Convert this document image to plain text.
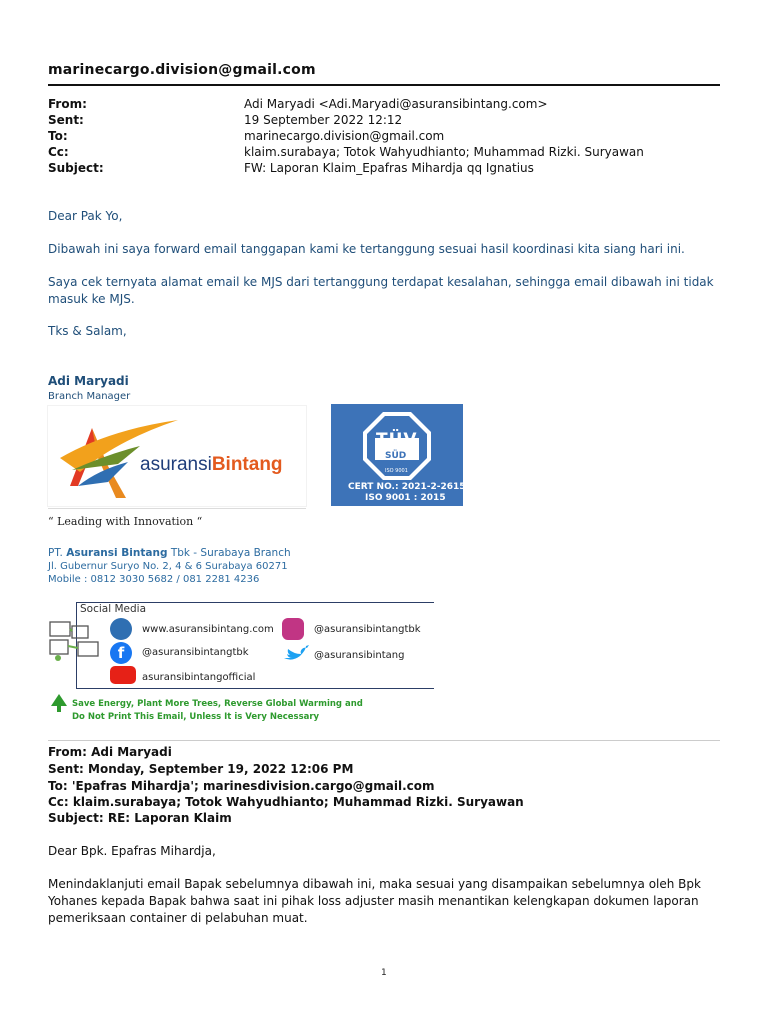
marinecargo.division@gmail.com
From:	Adi Maryadi <Adi.Maryadi@asuransibintang.com>
Sent:	19 September 2022 12:12
To:	marinecargo.division@gmail.com
Cc:	klaim.surabaya; Totok Wahyudhianto; Muhammad Rizki. Suryawan
Subject:	FW: Laporan Klaim_Epafras Mihardja qq Ignatius
Dear Pak Yo,
Dibawah ini saya forward email tanggapan kami ke tertanggung sesuai hasil koordinasi kita siang hari ini.
Saya cek ternyata alamat email ke MJS dari tertanggung terdapat kesalahan, sehingga email dibawah ini tidak masuk ke MJS.
Tks & Salam,
Adi Maryadi
Branch Manager
asuransiBintang
TÜV
SÜD
ISO 9001
CERT NO.: 2021-2-2615
ISO 9001 : 2015
“ Leading with Innovation “
PT. Asuransi Bintang Tbk - Surabaya Branch
Jl. Gubernur Suryo No. 2, 4 & 6 Surabaya 60271
Mobile : 0812 3030 5682 / 081 2281 4236
Social Media
www.asuransibintang.com	@asuransibintangtbk
f	@asuransibintangtbk	@asuransibintang
asuransibintangofficial
Save Energy, Plant More Trees, Reverse Global Warming and
Do Not Print This Email, Unless It is Very Necessary
From: Adi Maryadi
Sent: Monday, September 19, 2022 12:06 PM
To: 'Epafras Mihardja'; marinesdivision.cargo@gmail.com
Cc: klaim.surabaya; Totok Wahyudhianto; Muhammad Rizki. Suryawan
Subject: RE: Laporan Klaim
Dear Bpk. Epafras Mihardja,
Menindaklanjuti email Bapak sebelumnya dibawah ini, maka sesuai yang disampaikan sebelumnya oleh Bpk Yohanes kepada Bapak bahwa saat ini pihak loss adjuster masih menantikan kelengkapan dokumen laporan pemeriksaan container di pelabuhan muat.
1
